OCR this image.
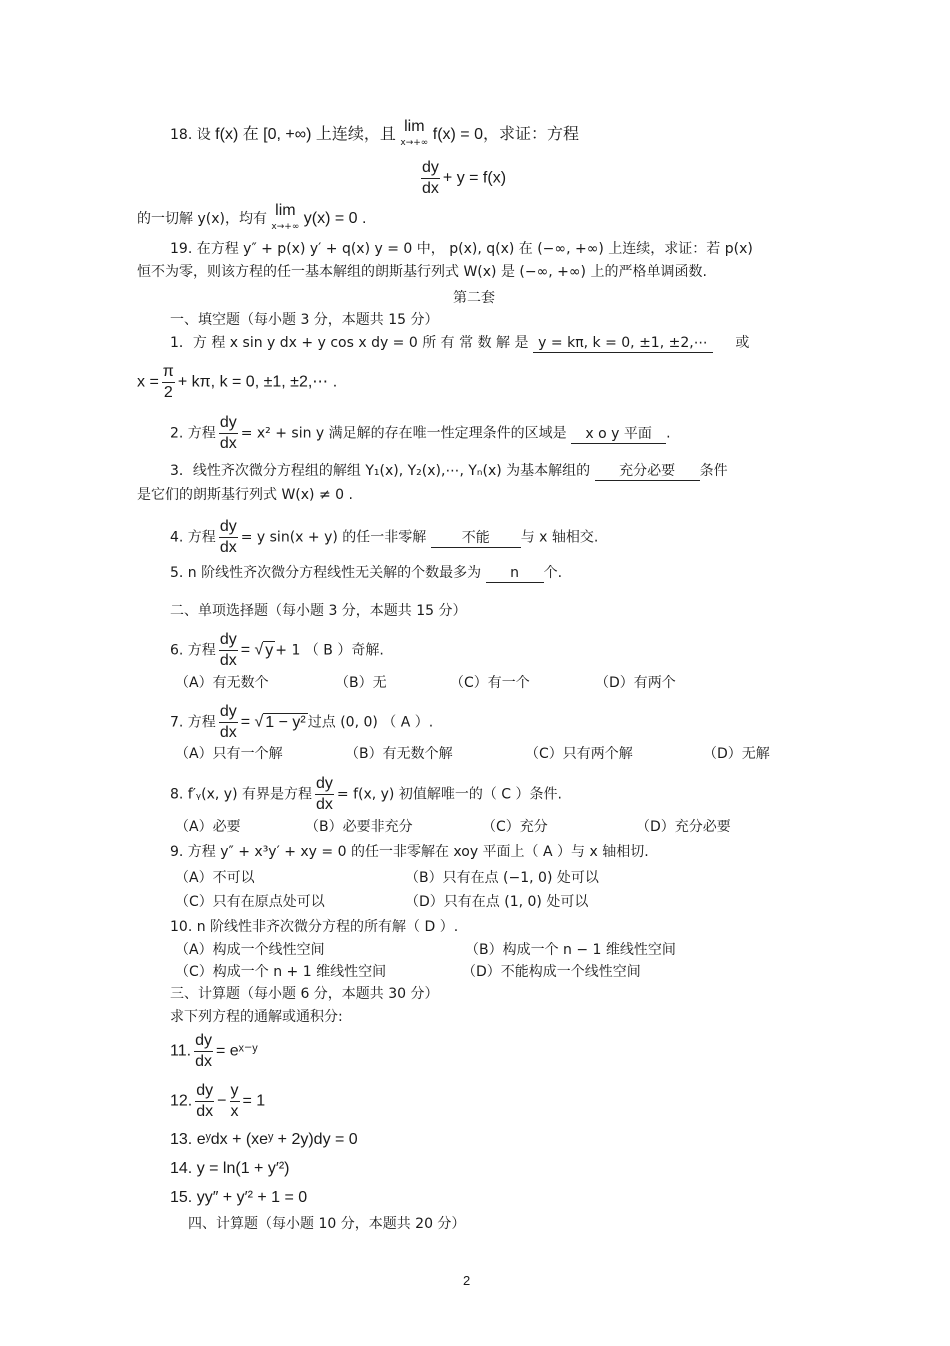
18. 设 f(x) 在 [0, +∞) 上连续，且 lim
x→+∞ f(x) = 0，求证：方程
$\frac{dy}{dx} + y = f(x)$
的一切解 y(x)，均有 lim
x→+∞ y(x) = 0 .
19. 在方程 y″ + p(x) y′ + q(x) y = 0 中， p(x), q(x) 在 (−∞, +∞) 上连续，求证：若 p(x)
恒不为零，则该方程的任一基本解组的朗斯基行列式 W(x) 是 (−∞, +∞) 上的严格单调函数.
第二套
一、填空题（每小题 3 分，本题共 15 分）
1．方 程 x sin y dx + y cos x dy = 0 所 有 常 数 解 是 y = kπ, k = 0, ±1, ±2,⋯ 或
$x = \frac{\pi}{2} + k\pi$, k = 0, ±1, ±2,⋯ .
2. 方程 $\frac{dy}{dx} = x^2 + \sin y$ 满足解的存在唯一性定理条件的区域是 x o y 平面 .
3．线性齐次微分方程组的解组 Y₁(x), Y₂(x),⋯, Yₙ(x) 为基本解组的 充分必要 条件
是它们的朗斯基行列式 W(x) ≠ 0 .
4. 方程 $\frac{dy}{dx} = y$ sin(x + y) 的任一非零解	不能 与 x 轴相交.
5. n 阶线性齐次微分方程线性无关解的个数最多为 n 个.
二、单项选择题（每小题 3 分，本题共 15 分）
6. 方程 $\frac{dy}{dx}$ = √ y + 1 （ B ）奇解.
（A）有无数个	（B）无	（C）有一个	（D）有两个
7. 方程 $\frac{dy}{dx}$ = √ 1 − y² 过点 (0, 0) （ A ）.
（A）只有一个解	（B）有无数个解	（C）只有两个解	（D）无解
8. f′ᵧ(x, y) 有界是方程 $\frac{dy}{dx} = f(x$, y) 初值解唯一的（ C ）条件.
（A）必要	（B）必要非充分	（C）充分	（D）充分必要
9. 方程 y″ + x³y′ + xy = 0 的任一非零解在 xoy 平面上（ A ）与 x 轴相切.
（A）不可以	（B）只有在点 (−1, 0) 处可以
（C）只有在原点处可以	（D）只有在点 (1, 0) 处可以
10. n 阶线性非齐次微分方程的所有解（ D ）.
（A）构成一个线性空间	（B）构成一个 n − 1 维线性空间
（C）构成一个 n + 1 维线性空间	（D）不能构成一个线性空间
三、计算题（每小题 6 分，本题共 30 分）
求下列方程的通解或通积分:
11. $\frac{dy}{dx}$ = eˣ⁻ʸ
12. $\frac{dy}{dx} - \frac{y}{x} = 1$
13. eʸdx + (xeʸ + 2y)dy = 0
14. y = ln(1 + y′²)
15. yy″ + y′² + 1 = 0
四、计算题（每小题 10 分，本题共 20 分）
2
